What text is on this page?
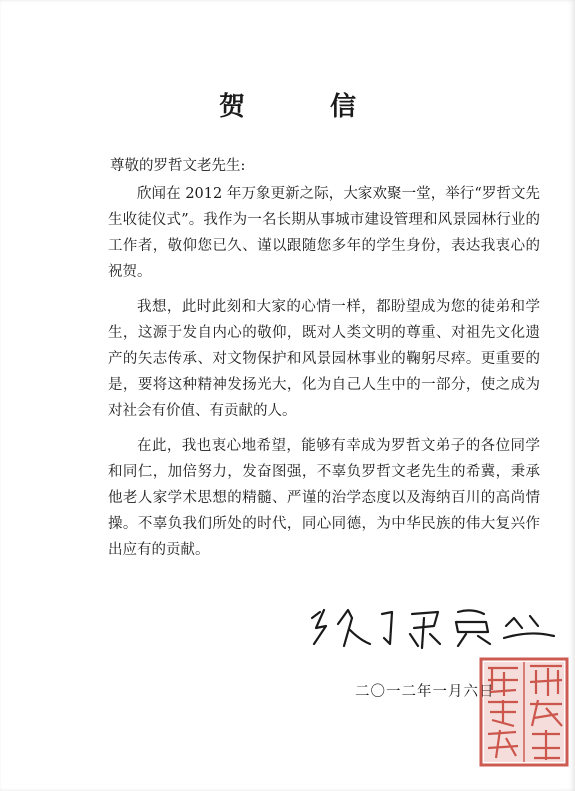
贺 信
尊敬的罗哲文老先生:

欣闻在 2012 年万象更新之际，大家欢聚一堂，举行“罗哲文先生收徒仪式”。我作为一名长期从事城市建设管理和风景园林行业的工作者，敬仰您已久、谨以跟随您多年的学生身份，表达我衷心的祝贺。

我想，此时此刻和大家的心情一样，都盼望成为您的徒弟和学生，这源于发自内心的敬仰，既对人类文明的尊重、对祖先文化遗产的矢志传承、对文物保护和风景园林事业的鞠躬尽瘁。更重要的是，要将这种精神发扬光大，化为自己人生中的一部分，使之成为对社会有价值、有贡献的人。

在此，我也衷心地希望，能够有幸成为罗哲文弟子的各位同学和同仁，加倍努力，发奋图强，不辜负罗哲文老先生的希冀，秉承他老人家学术思想的精髓、严谨的治学态度以及海纳百川的高尚情操。不辜负我们所处的时代，同心同德，为中华民族的伟大复兴作出应有的贡献。

二〇一二年一月六日
